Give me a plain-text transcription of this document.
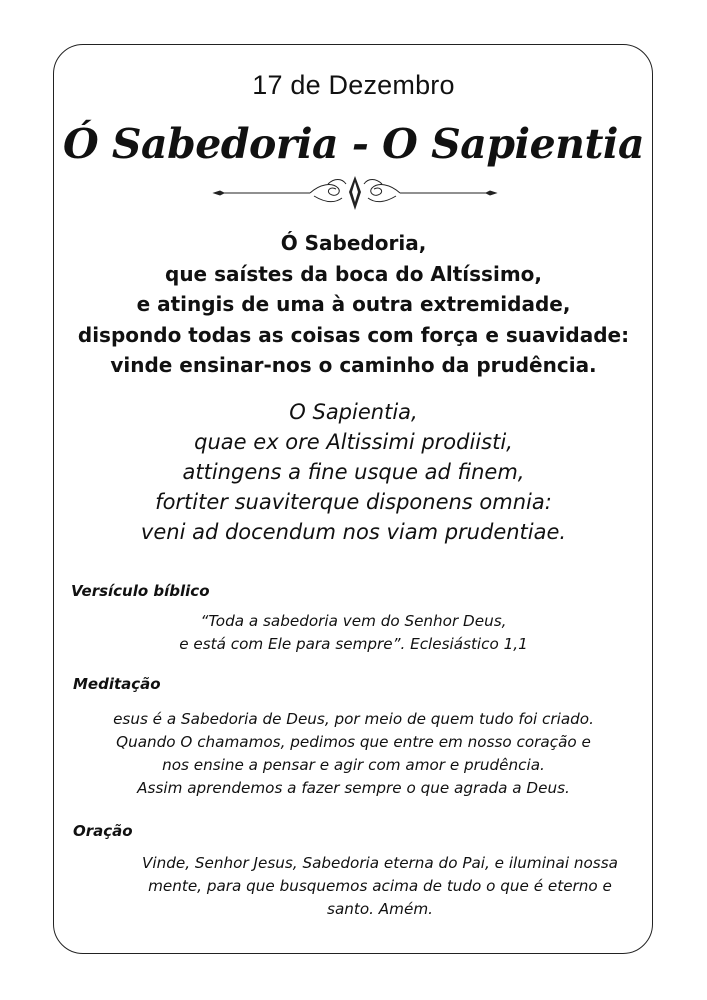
17 de Dezembro
Ó Sabedoria - O Sapientia
Ó Sabedoria,
que saístes da boca do Altíssimo,
e atingis de uma à outra extremidade,
dispondo todas as coisas com força e suavidade:
vinde ensinar-nos o caminho da prudência.
O Sapientia,
quae ex ore Altissimi prodiisti,
attingens a fine usque ad finem,
fortiter suaviterque disponens omnia:
veni ad docendum nos viam prudentiae.
Versículo bíblico
“Toda a sabedoria vem do Senhor Deus,
e está com Ele para sempre”. Eclesiástico 1,1
Meditação
esus é a Sabedoria de Deus, por meio de quem tudo foi criado.
Quando O chamamos, pedimos que entre em nosso coração e
nos ensine a pensar e agir com amor e prudência.
Assim aprendemos a fazer sempre o que agrada a Deus.
Oração
Vinde, Senhor Jesus, Sabedoria eterna do Pai, e iluminai nossa
mente, para que busquemos acima de tudo o que é eterno e
santo. Amém.
